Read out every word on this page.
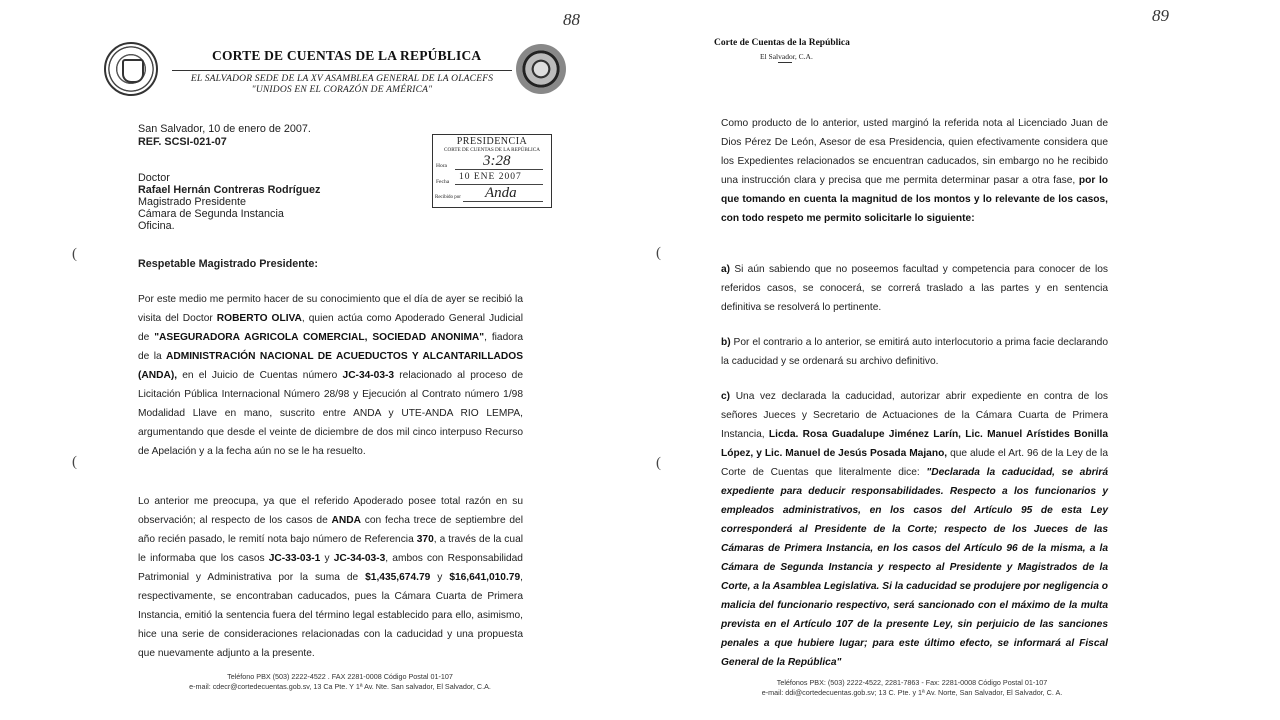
88
CORTE DE CUENTAS DE LA REPÚBLICA
EL SALVADOR SEDE DE LA XV ASAMBLEA GENERAL DE LA OLACEFS
"UNIDOS EN EL CORAZÓN DE AMÉRICA"
San Salvador, 10 de enero de 2007.
REF. SCSI-021-07	PRESIDENCIA
CORTE DE CUENTAS DE LA REPÚBLICA
Hora 3:28
Fecha 10 ENE 2007
Recibido por Anda
Doctor
Rafael Hernán Contreras Rodríguez
Magistrado Presidente
Cámara de Segunda Instancia
Oficina.
(
(
Respetable Magistrado Presidente:
Por este medio me permito hacer de su conocimiento que el día de ayer se recibió la visita del Doctor ROBERTO OLIVA, quien actúa como Apoderado General Judicial de "ASEGURADORA AGRICOLA COMERCIAL, SOCIEDAD ANONIMA", fiadora de la ADMINISTRACIÓN NACIONAL DE ACUEDUCTOS Y ALCANTARILLADOS (ANDA), en el Juicio de Cuentas número JC-34-03-3 relacionado al proceso de Licitación Pública Internacional Número 28/98 y Ejecución al Contrato número 1/98 Modalidad Llave en mano, suscrito entre ANDA y UTE-ANDA RIO LEMPA, argumentando que desde el veinte de diciembre de dos mil cinco interpuso Recurso de Apelación y a la fecha aún no se le ha resuelto.
Lo anterior me preocupa, ya que el referido Apoderado posee total razón en su observación; al respecto de los casos de ANDA con fecha trece de septiembre del año recién pasado, le remití nota bajo número de Referencia 370, a través de la cual le informaba que los casos JC-33-03-1 y JC-34-03-3, ambos con Responsabilidad Patrimonial y Administrativa por la suma de $1,435,674.79 y $16,641,010.79, respectivamente, se encontraban caducados, pues la Cámara Cuarta de Primera Instancia, emitió la sentencia fuera del término legal establecido para ello, asimismo, hice una serie de consideraciones relacionadas con la caducidad y una propuesta que nuevamente adjunto a la presente.
Teléfono PBX (503) 2222-4522 . FAX 2281-0008 Código Postal 01-107
e-mail: cdecr@cortedecuentas.gob.sv, 13 Ca Pte. Y 1ª Av. Nte. San salvador, El Salvador, C.A.
89
Corte de Cuentas de la República
El Salvador, C.A.
(
(
Como producto de lo anterior, usted marginó la referida nota al Licenciado Juan de Dios Pérez De León, Asesor de esa Presidencia, quien efectivamente considera que los Expedientes relacionados se encuentran caducados, sin embargo no he recibido una instrucción clara y precisa que me permita determinar pasar a otra fase, por lo que tomando en cuenta la magnitud de los montos y lo relevante de los casos, con todo respeto me permito solicitarle lo siguiente:
a) Si aún sabiendo que no poseemos facultad y competencia para conocer de los referidos casos, se conocerá, se correrá traslado a las partes y en sentencia definitiva se resolverá lo pertinente.
b) Por el contrario a lo anterior, se emitirá auto interlocutorio a prima facie declarando la caducidad y se ordenará su archivo definitivo.
c) Una vez declarada la caducidad, autorizar abrir expediente en contra de los señores Jueces y Secretario de Actuaciones de la Cámara Cuarta de Primera Instancia, Licda. Rosa Guadalupe Jiménez Larín, Lic. Manuel Arístides Bonilla López, y Lic. Manuel de Jesús Posada Majano, que alude el Art. 96 de la Ley de la Corte de Cuentas que literalmente dice: "Declarada la caducidad, se abrirá expediente para deducir responsabilidades. Respecto a los funcionarios y empleados administrativos, en los casos del Artículo 95 de esta Ley corresponderá al Presidente de la Corte; respecto de los Jueces de las Cámaras de Primera Instancia, en los casos del Artículo 96 de la misma, a la Cámara de Segunda Instancia y respecto al Presidente y Magistrados de la Corte, a la Asamblea Legislativa. Si la caducidad se produjere por negligencia o malicia del funcionario respectivo, será sancionado con el máximo de la multa prevista en el Artículo 107 de la presente Ley, sin perjuicio de las sanciones penales a que hubiere lugar; para este último efecto, se informará al Fiscal General de la República"
Teléfonos PBX: (503) 2222-4522, 2281-7863 - Fax: 2281-0008 Código Postal 01-107
e-mail: ddi@cortedecuentas.gob.sv; 13 C. Pte. y 1ª Av. Norte, San Salvador, El Salvador, C. A.
